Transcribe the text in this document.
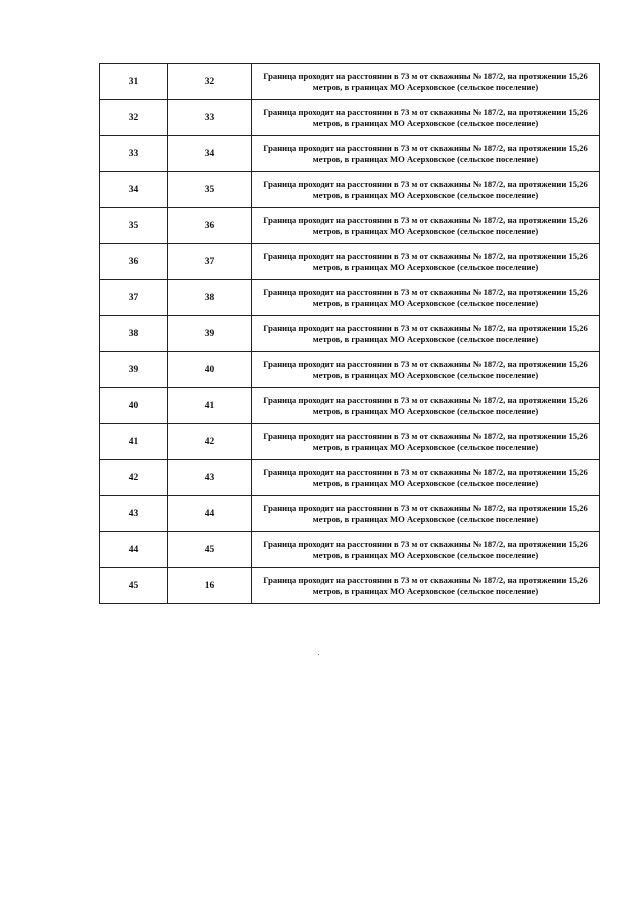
31	32	Граница проходит на расстоянии в 73 м от скважины № 187/2, на протяжении 15,26 метров, в границах МО Асерховское (сельское поселение)
32	33	Граница проходит на расстоянии в 73 м от скважины № 187/2, на протяжении 15,26 метров, в границах МО Асерховское (сельское поселение)
33	34	Граница проходит на расстоянии в 73 м от скважины № 187/2, на протяжении 15,26 метров, в границах МО Асерховское (сельское поселение)
34	35	Граница проходит на расстоянии в 73 м от скважины № 187/2, на протяжении 15,26 метров, в границах МО Асерховское (сельское поселение)
35	36	Граница проходит на расстоянии в 73 м от скважины № 187/2, на протяжении 15,26 метров, в границах МО Асерховское (сельское поселение)
36	37	Граница проходит на расстоянии в 73 м от скважины № 187/2, на протяжении 15,26 метров, в границах МО Асерховское (сельское поселение)
37	38	Граница проходит на расстоянии в 73 м от скважины № 187/2, на протяжении 15,26 метров, в границах МО Асерховское (сельское поселение)
38	39	Граница проходит на расстоянии в 73 м от скважины № 187/2, на протяжении 15,26 метров, в границах МО Асерховское (сельское поселение)
39	40	Граница проходит на расстоянии в 73 м от скважины № 187/2, на протяжении 15,26 метров, в границах МО Асерховское (сельское поселение)
40	41	Граница проходит на расстоянии в 73 м от скважины № 187/2, на протяжении 15,26 метров, в границах МО Асерховское (сельское поселение)
41	42	Граница проходит на расстоянии в 73 м от скважины № 187/2, на протяжении 15,26 метров, в границах МО Асерховское (сельское поселение)
42	43	Граница проходит на расстоянии в 73 м от скважины № 187/2, на протяжении 15,26 метров, в границах МО Асерховское (сельское поселение)
43	44	Граница проходит на расстоянии в 73 м от скважины № 187/2, на протяжении 15,26 метров, в границах МО Асерховское (сельское поселение)
44	45	Граница проходит на расстоянии в 73 м от скважины № 187/2, на протяжении 15,26 метров, в границах МО Асерховское (сельское поселение)
45	16	Граница проходит на расстоянии в 73 м от скважины № 187/2, на протяжении 15,26 метров, в границах МО Асерховское (сельское поселение)
